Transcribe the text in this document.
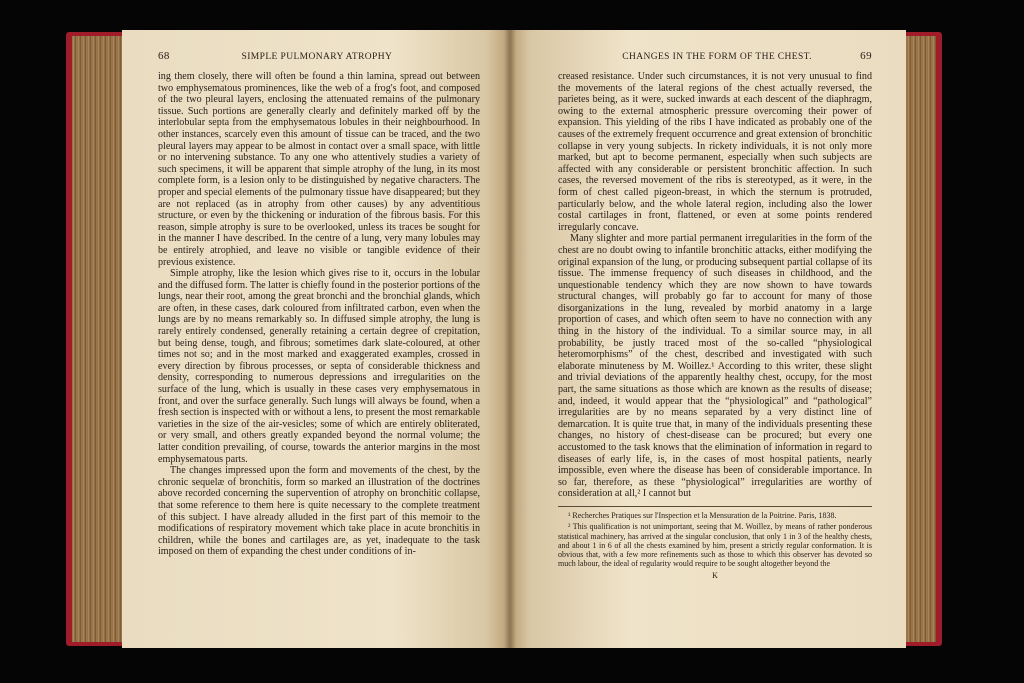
68	SIMPLE PULMONARY ATROPHY

ing them closely, there will often be found a thin lamina, spread out between two emphysematous prominences, like the web of a frog's foot, and composed of the two pleural layers, enclosing the attenuated remains of the pulmonary tissue. Such portions are generally clearly and definitely marked off by the interlobular septa from the emphysematous lobules in their neighbourhood. In other instances, scarcely even this amount of tissue can be traced, and the two pleural layers may appear to be almost in contact over a small space, with little or no intervening substance. To any one who attentively studies a variety of such specimens, it will be apparent that simple atrophy of the lung, in its most complete form, is a lesion only to be distinguished by negative characters. The proper and special elements of the pulmonary tissue have disappeared; but they are not replaced (as in atrophy from other causes) by any adventitious structure, or even by the thickening or induration of the fibrous basis. For this reason, simple atrophy is sure to be overlooked, unless its traces be sought for in the manner I have described. In the centre of a lung, very many lobules may be entirely atrophied, and leave no visible or tangible evidence of their previous existence.

Simple atrophy, like the lesion which gives rise to it, occurs in the lobular and the diffused form. The latter is chiefly found in the posterior portions of the lungs, near their root, among the great bronchi and the bronchial glands, which are often, in these cases, dark coloured from infiltrated carbon, even when the lungs are by no means remarkably so. In diffused simple atrophy, the lung is rarely entirely condensed, generally retaining a certain degree of crepitation, but being dense, tough, and fibrous; sometimes dark slate-coloured, at other times not so; and in the most marked and exaggerated examples, crossed in every direction by fibrous processes, or septa of considerable thickness and density, corresponding to numerous depressions and irregularities on the surface of the lung, which is usually in these cases very emphysematous in front, and over the surface generally. Such lungs will always be found, when a fresh section is inspected with or without a lens, to present the most remarkable varieties in the size of the air-vesicles; some of which are entirely obliterated, or very small, and others greatly expanded beyond the normal volume; the latter condition prevailing, of course, towards the anterior margins in the most emphysematous parts.

The changes impressed upon the form and movements of the chest, by the chronic sequelæ of bronchitis, form so marked an illustration of the doctrines above recorded concerning the supervention of atrophy on bronchitic collapse, that some reference to them here is quite necessary to the complete treatment of this subject. I have already alluded in the first part of this memoir to the modifications of respiratory movement which take place in acute bronchitis in children, while the bones and cartilages are, as yet, inadequate to the task imposed on them of expanding the chest under conditions of in-

CHANGES IN THE FORM OF THE CHEST.	69

creased resistance. Under such circumstances, it is not very unusual to find the movements of the lateral regions of the chest actually reversed, the parietes being, as it were, sucked inwards at each descent of the diaphragm, owing to the external atmospheric pressure overcoming their power of expansion. This yielding of the ribs I have indicated as probably one of the causes of the extremely frequent occurrence and great extension of bronchitic collapse in very young subjects. In rickety individuals, it is not only more marked, but apt to become permanent, especially when such subjects are affected with any considerable or persistent bronchitic affection. In such cases, the reversed movement of the ribs is stereotyped, as it were, in the form of chest called pigeon-breast, in which the sternum is protruded, particularly below, and the whole lateral region, including also the lower costal cartilages in front, flattened, or even at some points rendered irregularly concave.

Many slighter and more partial permanent irregularities in the form of the chest are no doubt owing to infantile bronchitic attacks, either modifying the original expansion of the lung, or producing subsequent partial collapse of its tissue. The immense frequency of such diseases in childhood, and the unquestionable tendency which they are now shown to have towards structural changes, will probably go far to account for many of those disorganizations in the lung, revealed by morbid anatomy in a large proportion of cases, and which often seem to have no connection with any thing in the history of the individual. To a similar source may, in all probability, be justly traced most of the so-called “physiological heteromorphisms” of the chest, described and investigated with such elaborate minuteness by M. Woillez.¹ According to this writer, these slight and trivial deviations of the apparently healthy chest, occupy, for the most part, the same situations as those which are known as the results of disease; and, indeed, it would appear that the “physiological” and “pathological” irregularities are by no means separated by a very distinct line of demarcation. It is quite true that, in many of the individuals presenting these changes, no history of chest-disease can be procured; but every one accustomed to the task knows that the elimination of information in regard to diseases of early life, is, in the cases of most hospital patients, nearly impossible, even where the disease has been of considerable importance. In so far, therefore, as these “physiological” irregularities are worthy of consideration at all,² I cannot but

¹ Recherches Pratiques sur l'Inspection et la Mensuration de la Poitrine. Paris, 1838.

² This qualification is not unimportant, seeing that M. Woillez, by means of rather ponderous statistical machinery, has arrived at the singular conclusion, that only 1 in 3 of the healthy chests, and about 1 in 6 of all the chests examined by him, present a strictly regular conformation. It is obvious that, with a few more refinements such as those to which this observer has devoted so much labour, the ideal of regularity would require to be sought altogether beyond the

K
